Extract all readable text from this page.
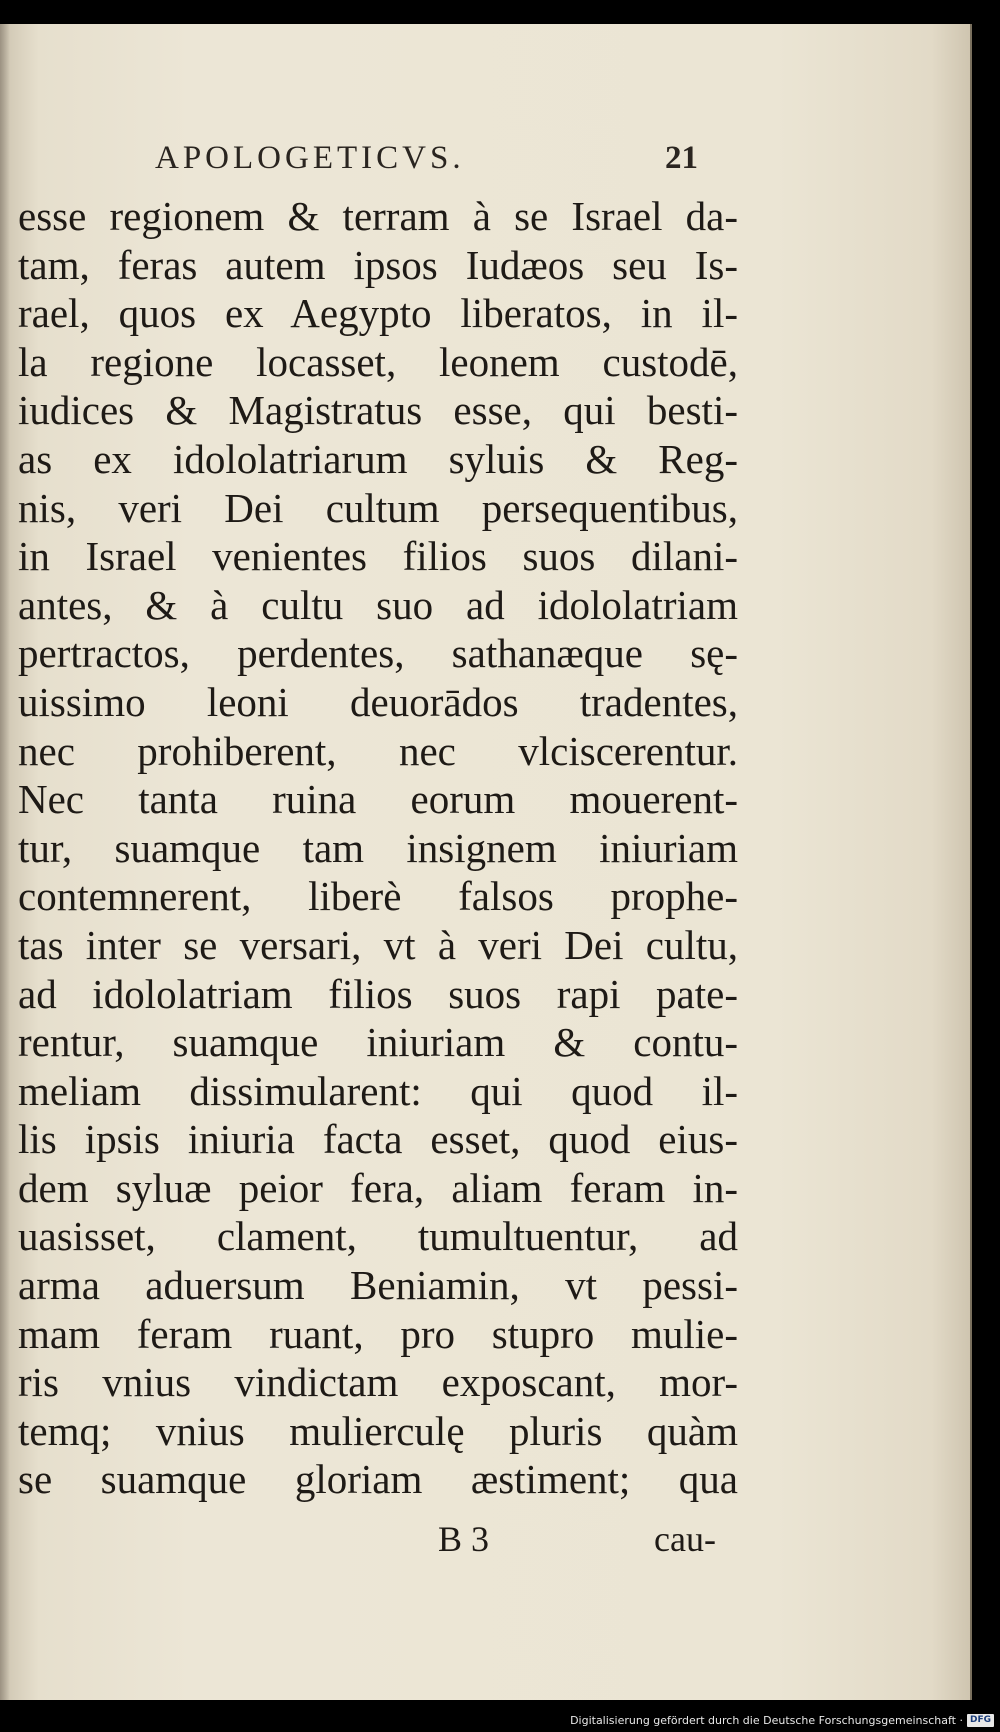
APOLOGETICVS.	21
esse regionem & terram à se Israel da-
tam, feras autem ipsos Iudæos seu Is-
rael, quos ex Aegypto liberatos, in il-
la regione locasset, leonem custodē,
iudices & Magistratus esse, qui besti-
as ex idololatriarum syluis & Reg-
nis, veri Dei cultum persequentibus,
in Israel venientes filios suos dilani-
antes, & à cultu suo ad idololatriam
pertractos, perdentes, sathanæque sę-
uissimo leoni deuorādos tradentes,
nec prohiberent, nec vlciscerentur.
Nec tanta ruina eorum mouerent-
tur, suamque tam insignem iniuriam
contemnerent, liberè falsos prophe-
tas inter se versari, vt à veri Dei cultu,
ad idololatriam filios suos rapi pate-
rentur, suamque iniuriam & contu-
meliam dissimularent: qui quod il-
lis ipsis iniuria facta esset, quod eius-
dem syluæ peior fera, aliam feram in-
uasisset, clament, tumultuentur, ad
arma aduersum Beniamin, vt pessi-
mam feram ruant, pro stupro mulie-
ris vnius vindictam exposcant, mor-
temq; vnius mulierculę pluris quàm
se suamque gloriam æstiment; qua
B 3	cau-
Digitalisierung gefördert durch die Deutsche Forschungsgemeinschaft · DFG
